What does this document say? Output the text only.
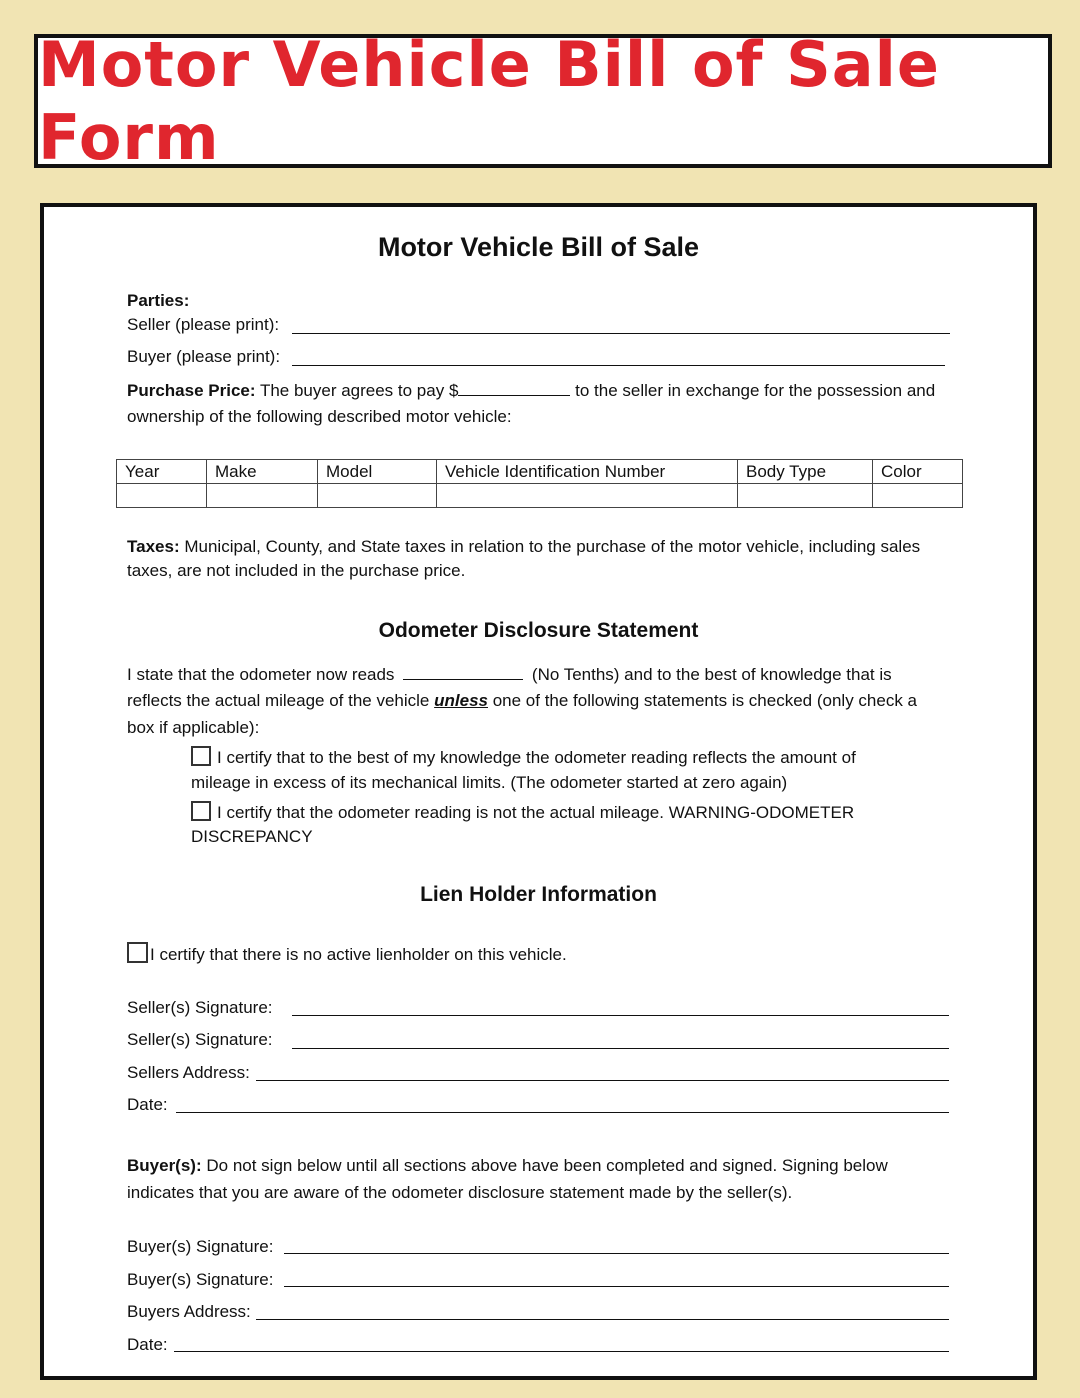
Motor Vehicle Bill of Sale Form
Motor Vehicle Bill of Sale
Parties:
Seller (please print):
Buyer (please print):
Purchase Price: The buyer agrees to pay $	to the seller in exchange for the possession and
ownership of the following described motor vehicle:
Year	Make	Model	Vehicle Identification Number	Body Type	Color

Taxes: Municipal, County, and State taxes in relation to the purchase of the motor vehicle, including sales
taxes, are not included in the purchase price.
Odometer Disclosure Statement
I state that the odometer now reads	(No Tenths) and to the best of knowledge that is
reflects the actual mileage of the vehicle unless one of the following statements is checked (only check a
box if applicable):
I certify that to the best of my knowledge the odometer reading reflects the amount of
mileage in excess of its mechanical limits. (The odometer started at zero again)
I certify that the odometer reading is not the actual mileage. WARNING-ODOMETER
DISCREPANCY
Lien Holder Information
I certify that there is no active lienholder on this vehicle.
Seller(s) Signature:
Seller(s) Signature:
Sellers Address:
Date:
Buyer(s): Do not sign below until all sections above have been completed and signed. Signing below
indicates that you are aware of the odometer disclosure statement made by the seller(s).
Buyer(s) Signature:
Buyer(s) Signature:
Buyers Address:
Date:
